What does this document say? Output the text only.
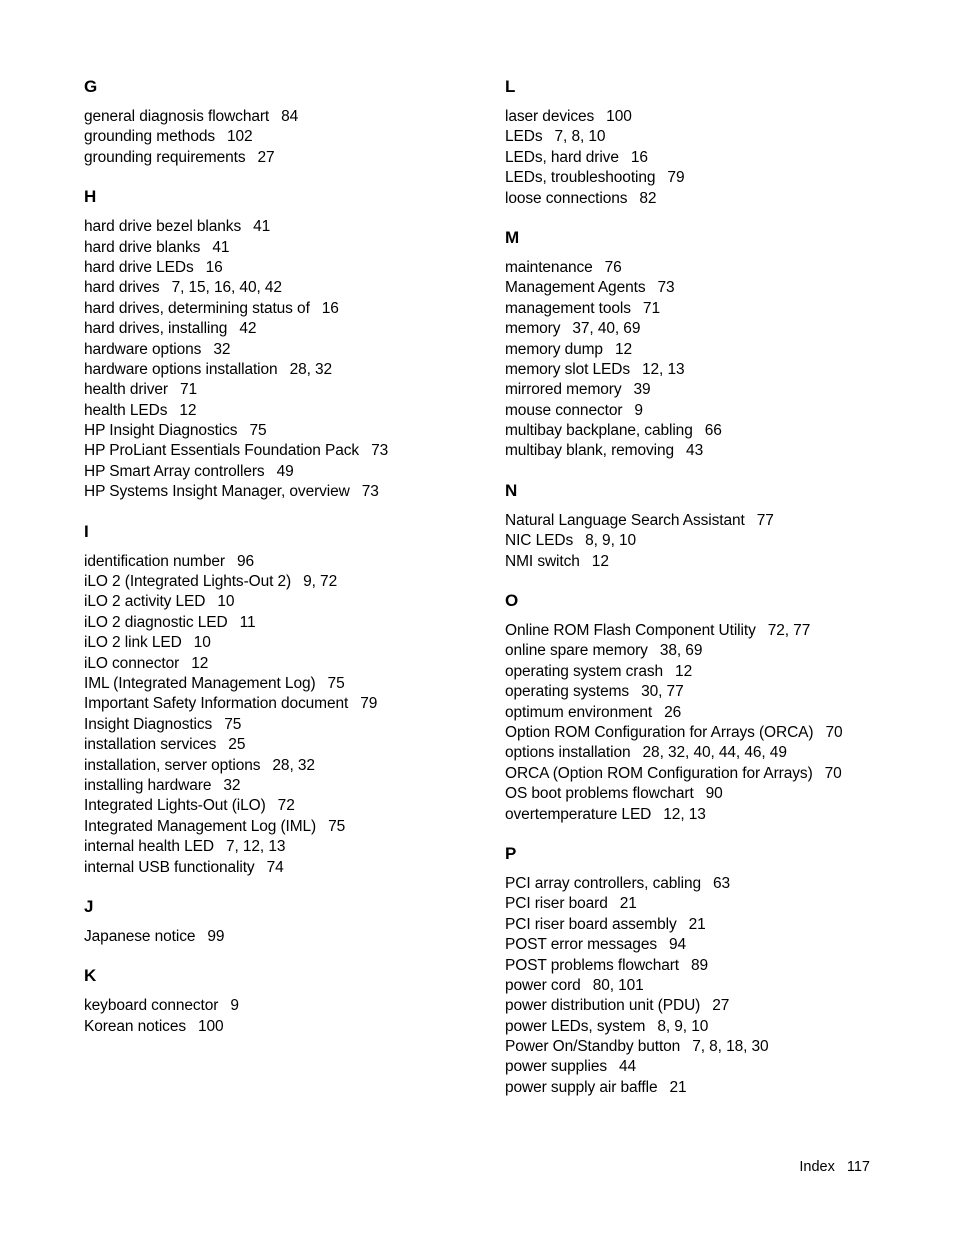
G
general diagnosis flowchart 84
grounding methods 102
grounding requirements 27
H
hard drive bezel blanks 41
hard drive blanks 41
hard drive LEDs 16
hard drives 7, 15, 16, 40, 42
hard drives, determining status of 16
hard drives, installing 42
hardware options 32
hardware options installation 28, 32
health driver 71
health LEDs 12
HP Insight Diagnostics 75
HP ProLiant Essentials Foundation Pack 73
HP Smart Array controllers 49
HP Systems Insight Manager, overview 73
I
identification number 96
iLO 2 (Integrated Lights-Out 2) 9, 72
iLO 2 activity LED 10
iLO 2 diagnostic LED 11
iLO 2 link LED 10
iLO connector 12
IML (Integrated Management Log) 75
Important Safety Information document 79
Insight Diagnostics 75
installation services 25
installation, server options 28, 32
installing hardware 32
Integrated Lights-Out (iLO) 72
Integrated Management Log (IML) 75
internal health LED 7, 12, 13
internal USB functionality 74
J
Japanese notice 99
K
keyboard connector 9
Korean notices 100
L
laser devices 100
LEDs 7, 8, 10
LEDs, hard drive 16
LEDs, troubleshooting 79
loose connections 82
M
maintenance 76
Management Agents 73
management tools 71
memory 37, 40, 69
memory dump 12
memory slot LEDs 12, 13
mirrored memory 39
mouse connector 9
multibay backplane, cabling 66
multibay blank, removing 43
N
Natural Language Search Assistant 77
NIC LEDs 8, 9, 10
NMI switch 12
O
Online ROM Flash Component Utility 72, 77
online spare memory 38, 69
operating system crash 12
operating systems 30, 77
optimum environment 26
Option ROM Configuration for Arrays (ORCA) 70
options installation 28, 32, 40, 44, 46, 49
ORCA (Option ROM Configuration for Arrays) 70
OS boot problems flowchart 90
overtemperature LED 12, 13
P
PCI array controllers, cabling 63
PCI riser board 21
PCI riser board assembly 21
POST error messages 94
POST problems flowchart 89
power cord 80, 101
power distribution unit (PDU) 27
power LEDs, system 8, 9, 10
Power On/Standby button 7, 8, 18, 30
power supplies 44
power supply air baffle 21
Index 117
